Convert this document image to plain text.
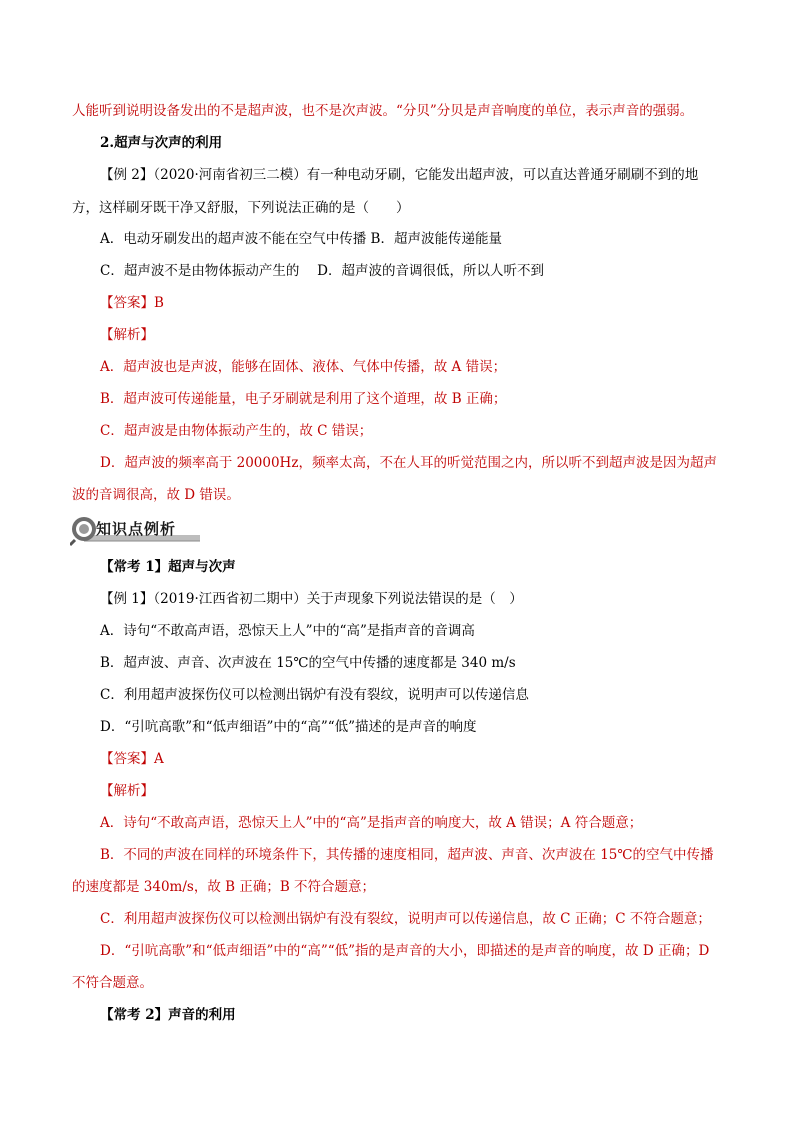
人能听到说明设备发出的不是超声波，也不是次声波。“分贝”分贝是声音响度的单位，表示声音的强弱。
2.超声与次声的利用
【例 2】（2020·河南省初三二模）有一种电动牙刷，它能发出超声波，可以直达普通牙刷刷不到的地
方，这样刷牙既干净又舒服，下列说法正确的是（　　）
A．电动牙刷发出的超声波不能在空气中传播 B．超声波能传递能量
C．超声波不是由物体振动产生的　 D．超声波的音调很低，所以人听不到
【答案】B
【解析】
A．超声波也是声波，能够在固体、液体、气体中传播，故 A 错误；
B．超声波可传递能量，电子牙刷就是利用了这个道理，故 B 正确；
C．超声波是由物体振动产生的，故 C 错误；
D．超声波的频率高于 20000Hz，频率太高，不在人耳的听觉范围之内，所以听不到超声波是因为超声
波的音调很高，故 D 错误。
知识点例析
【常考 1】超声与次声
【例 1】（2019·江西省初二期中）关于声现象下列说法错误的是（　）
A．诗句“不敢高声语，恐惊天上人”中的“高”是指声音的音调高
B．超声波、声音、次声波在 15℃的空气中传播的速度都是 340 m/s
C．利用超声波探伤仪可以检测出锅炉有没有裂纹，说明声可以传递信息
D．“引吭高歌”和“低声细语”中的“高”“低”描述的是声音的响度
【答案】A
【解析】
A．诗句“不敢高声语，恐惊天上人”中的“高”是指声音的响度大，故 A 错误；A 符合题意；
B．不同的声波在同样的环境条件下，其传播的速度相同，超声波、声音、次声波在 15℃的空气中传播
的速度都是 340m/s，故 B 正确；B 不符合题意；
C．利用超声波探伤仪可以检测出锅炉有没有裂纹，说明声可以传递信息，故 C 正确；C 不符合题意；
D．“引吭高歌”和“低声细语”中的“高”“低”指的是声音的大小，即描述的是声音的响度，故 D 正确；D
不符合题意。
【常考 2】声音的利用
